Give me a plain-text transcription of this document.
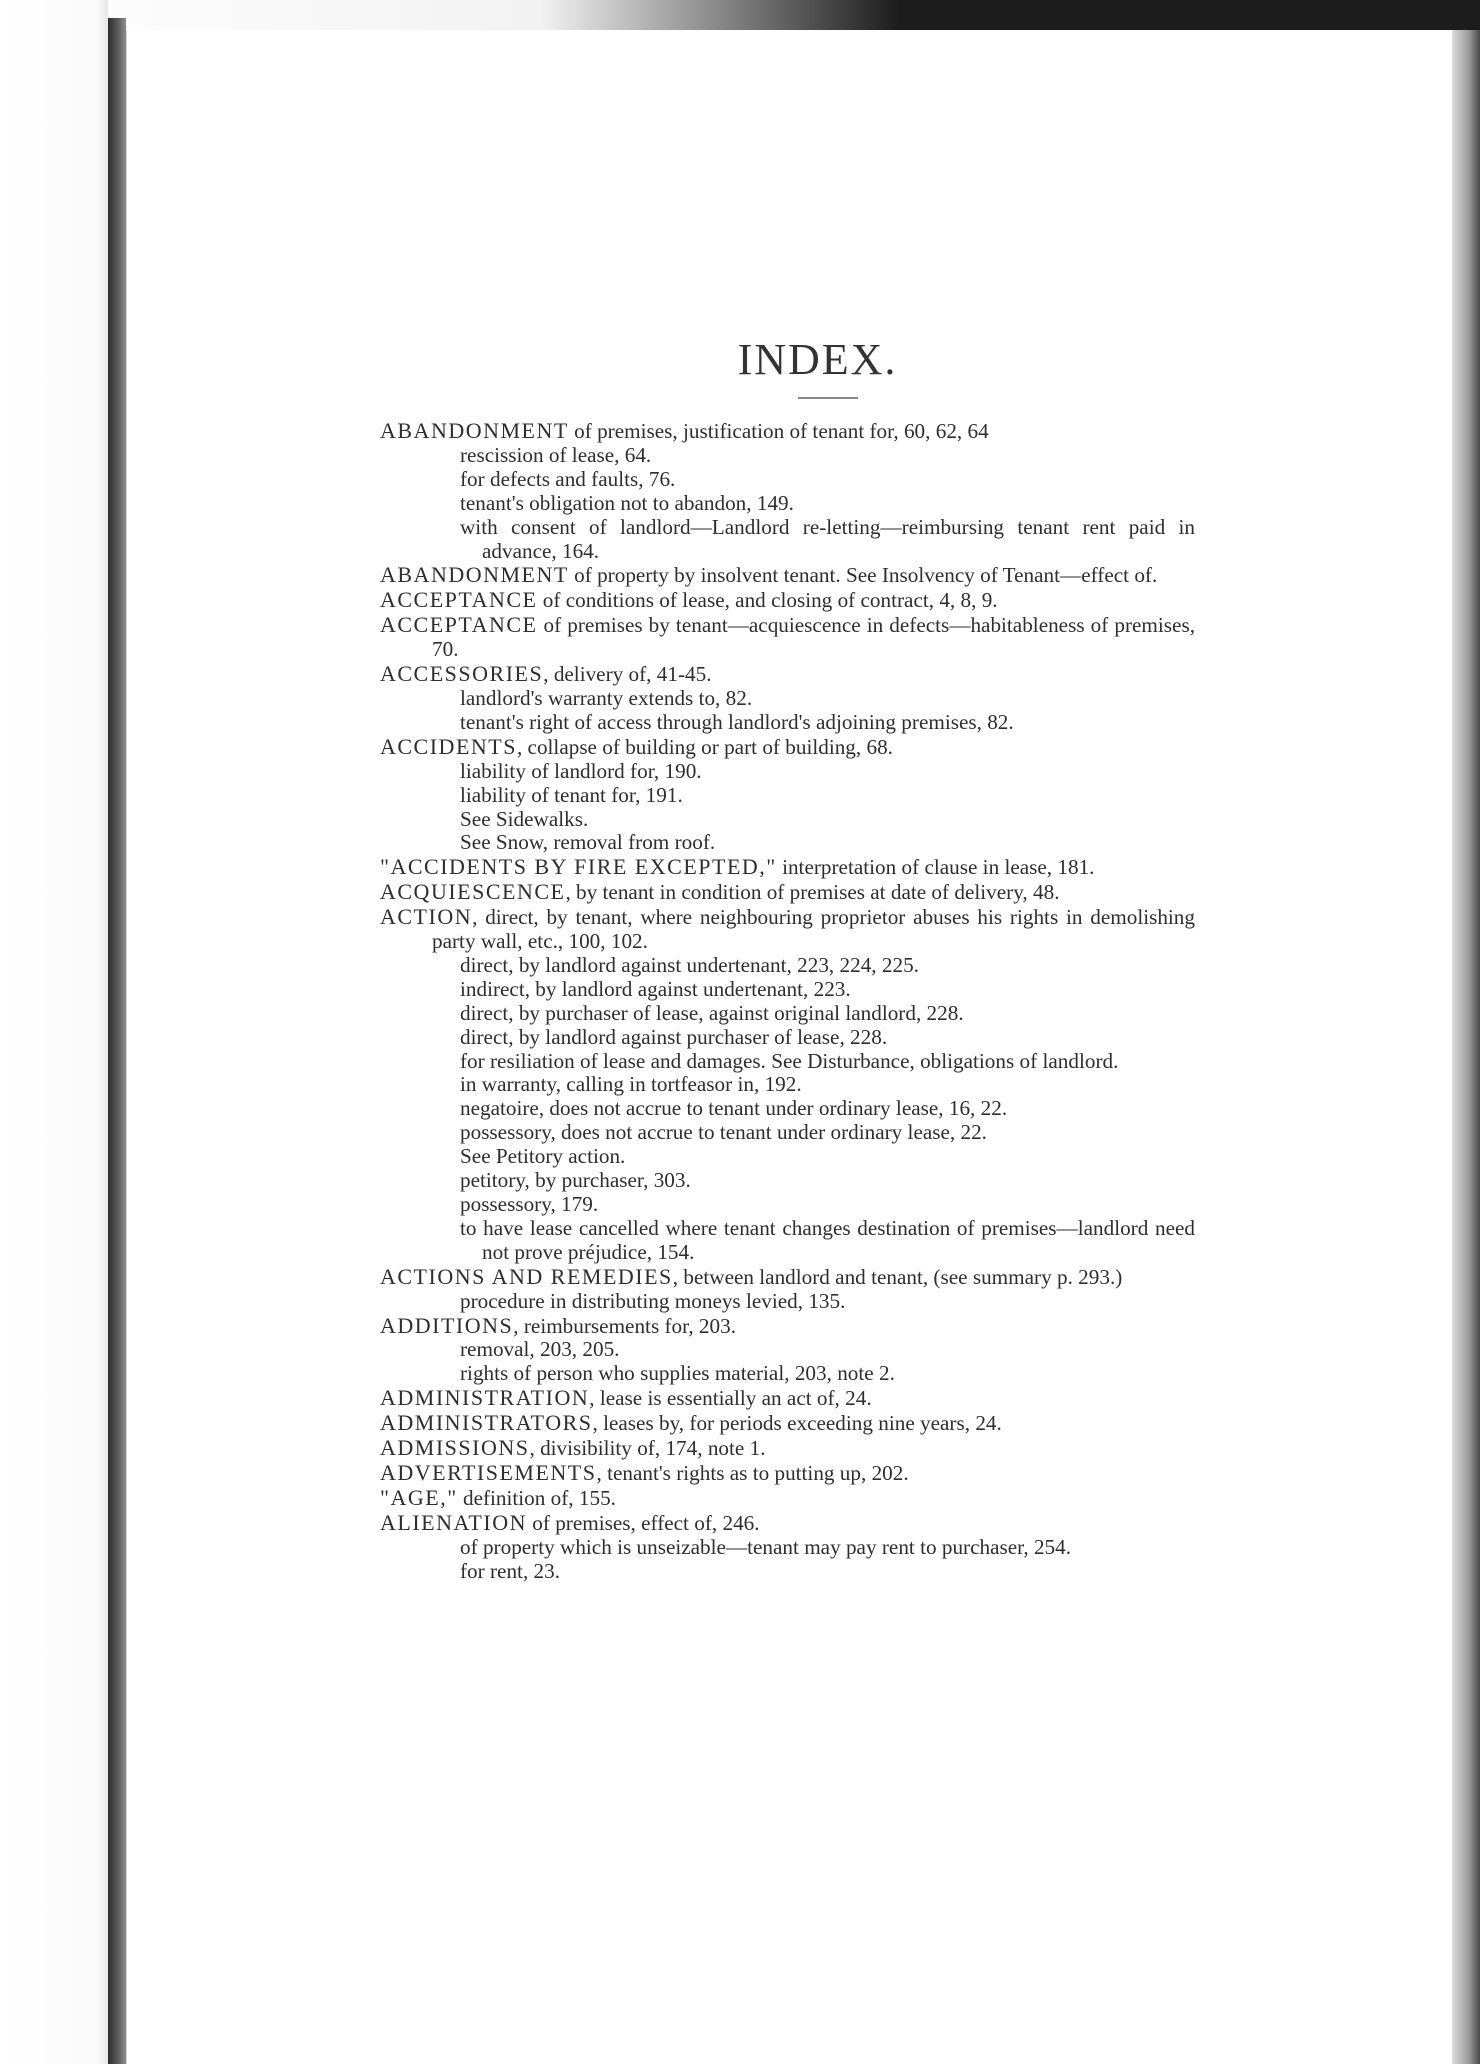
INDEX.
ABANDONMENT of premises, justification of tenant for, 60, 62, 64
rescission of lease, 64.
for defects and faults, 76.
tenant's obligation not to abandon, 149.
with consent of landlord—Landlord re-letting—reimbursing tenant rent paid in advance, 164.
ABANDONMENT of property by insolvent tenant. See Insolvency of Tenant—effect of.
ACCEPTANCE of conditions of lease, and closing of contract, 4, 8, 9.
ACCEPTANCE of premises by tenant—acquiescence in defects—habitableness of premises, 70.
ACCESSORIES, delivery of, 41-45.
landlord's warranty extends to, 82.
tenant's right of access through landlord's adjoining premises, 82.
ACCIDENTS, collapse of building or part of building, 68.
liability of landlord for, 190.
liability of tenant for, 191.
See Sidewalks.
See Snow, removal from roof.
"ACCIDENTS BY FIRE EXCEPTED," interpretation of clause in lease, 181.
ACQUIESCENCE, by tenant in condition of premises at date of delivery, 48.
ACTION, direct, by tenant, where neighbouring proprietor abuses his rights in demolishing party wall, etc., 100, 102.
direct, by landlord against undertenant, 223, 224, 225.
indirect, by landlord against undertenant, 223.
direct, by purchaser of lease, against original landlord, 228.
direct, by landlord against purchaser of lease, 228.
for resiliation of lease and damages. See Disturbance, obligations of landlord.
in warranty, calling in tortfeasor in, 192.
negatoire, does not accrue to tenant under ordinary lease, 16, 22.
possessory, does not accrue to tenant under ordinary lease, 22.
See Petitory action.
petitory, by purchaser, 303.
possessory, 179.
to have lease cancelled where tenant changes destination of premises—landlord need not prove préjudice, 154.
ACTIONS AND REMEDIES, between landlord and tenant, (see summary p. 293.)
procedure in distributing moneys levied, 135.
ADDITIONS, reimbursements for, 203.
removal, 203, 205.
rights of person who supplies material, 203, note 2.
ADMINISTRATION, lease is essentially an act of, 24.
ADMINISTRATORS, leases by, for periods exceeding nine years, 24.
ADMISSIONS, divisibility of, 174, note 1.
ADVERTISEMENTS, tenant's rights as to putting up, 202.
"AGE," definition of, 155.
ALIENATION of premises, effect of, 246.
of property which is unseizable—tenant may pay rent to purchaser, 254.
for rent, 23.
